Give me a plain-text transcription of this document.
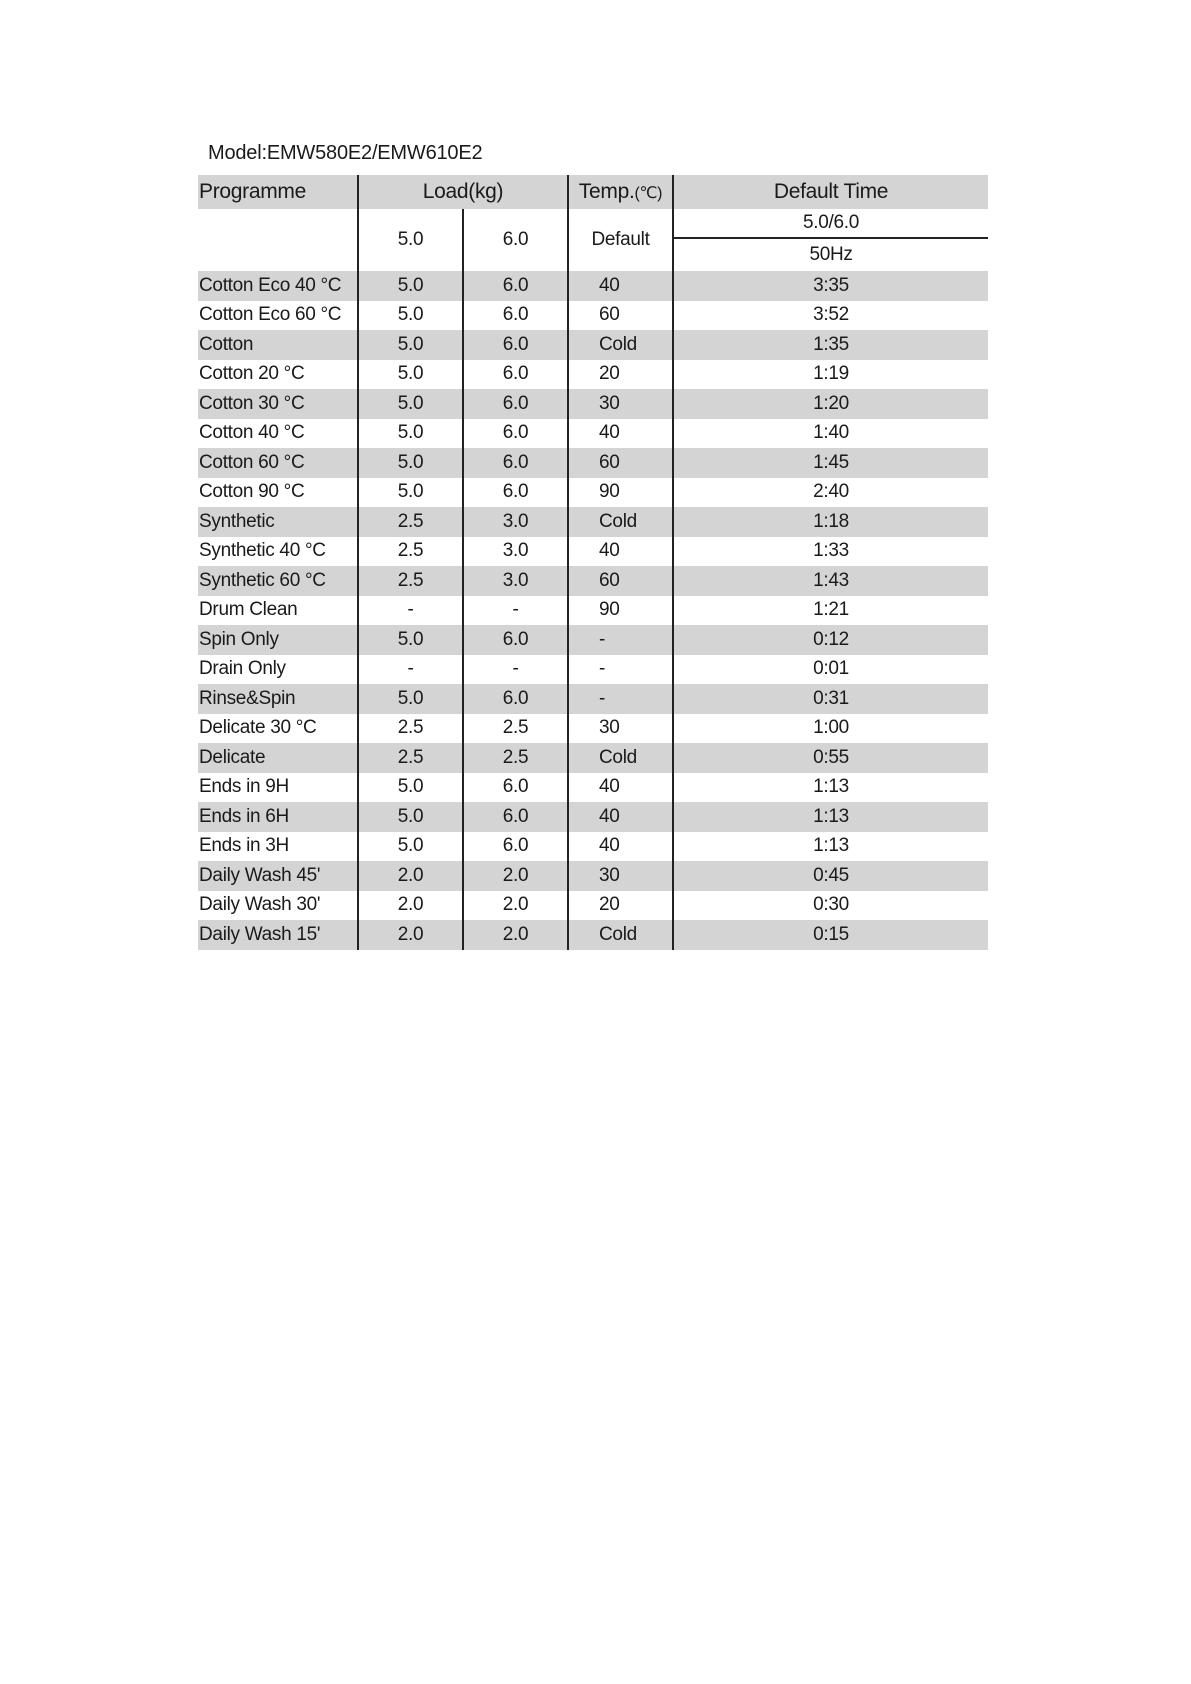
Model:EMW580E2/EMW610E2
Programme	Load(kg)		Temp.(℃)	Default Time
	5.0	6.0	Default	5.0/6.0
				50Hz
Cotton Eco 40 °C	5.0	6.0	40	3:35
Cotton Eco 60 °C	5.0	6.0	60	3:52
Cotton	5.0	6.0	Cold	1:35
Cotton 20 °C	5.0	6.0	20	1:19
Cotton 30 °C	5.0	6.0	30	1:20
Cotton 40 °C	5.0	6.0	40	1:40
Cotton 60 °C	5.0	6.0	60	1:45
Cotton 90 °C	5.0	6.0	90	2:40
Synthetic	2.5	3.0	Cold	1:18
Synthetic 40 °C	2.5	3.0	40	1:33
Synthetic 60 °C	2.5	3.0	60	1:43
Drum Clean	-	-	90	1:21
Spin Only	5.0	6.0	-	0:12
Drain Only	-	-	-	0:01
Rinse&Spin	5.0	6.0	-	0:31
Delicate 30 °C	2.5	2.5	30	1:00
Delicate	2.5	2.5	Cold	0:55
Ends in 9H	5.0	6.0	40	1:13
Ends in 6H	5.0	6.0	40	1:13
Ends in 3H	5.0	6.0	40	1:13
Daily Wash 45'	2.0	2.0	30	0:45
Daily Wash 30'	2.0	2.0	20	0:30
Daily Wash 15'	2.0	2.0	Cold	0:15
